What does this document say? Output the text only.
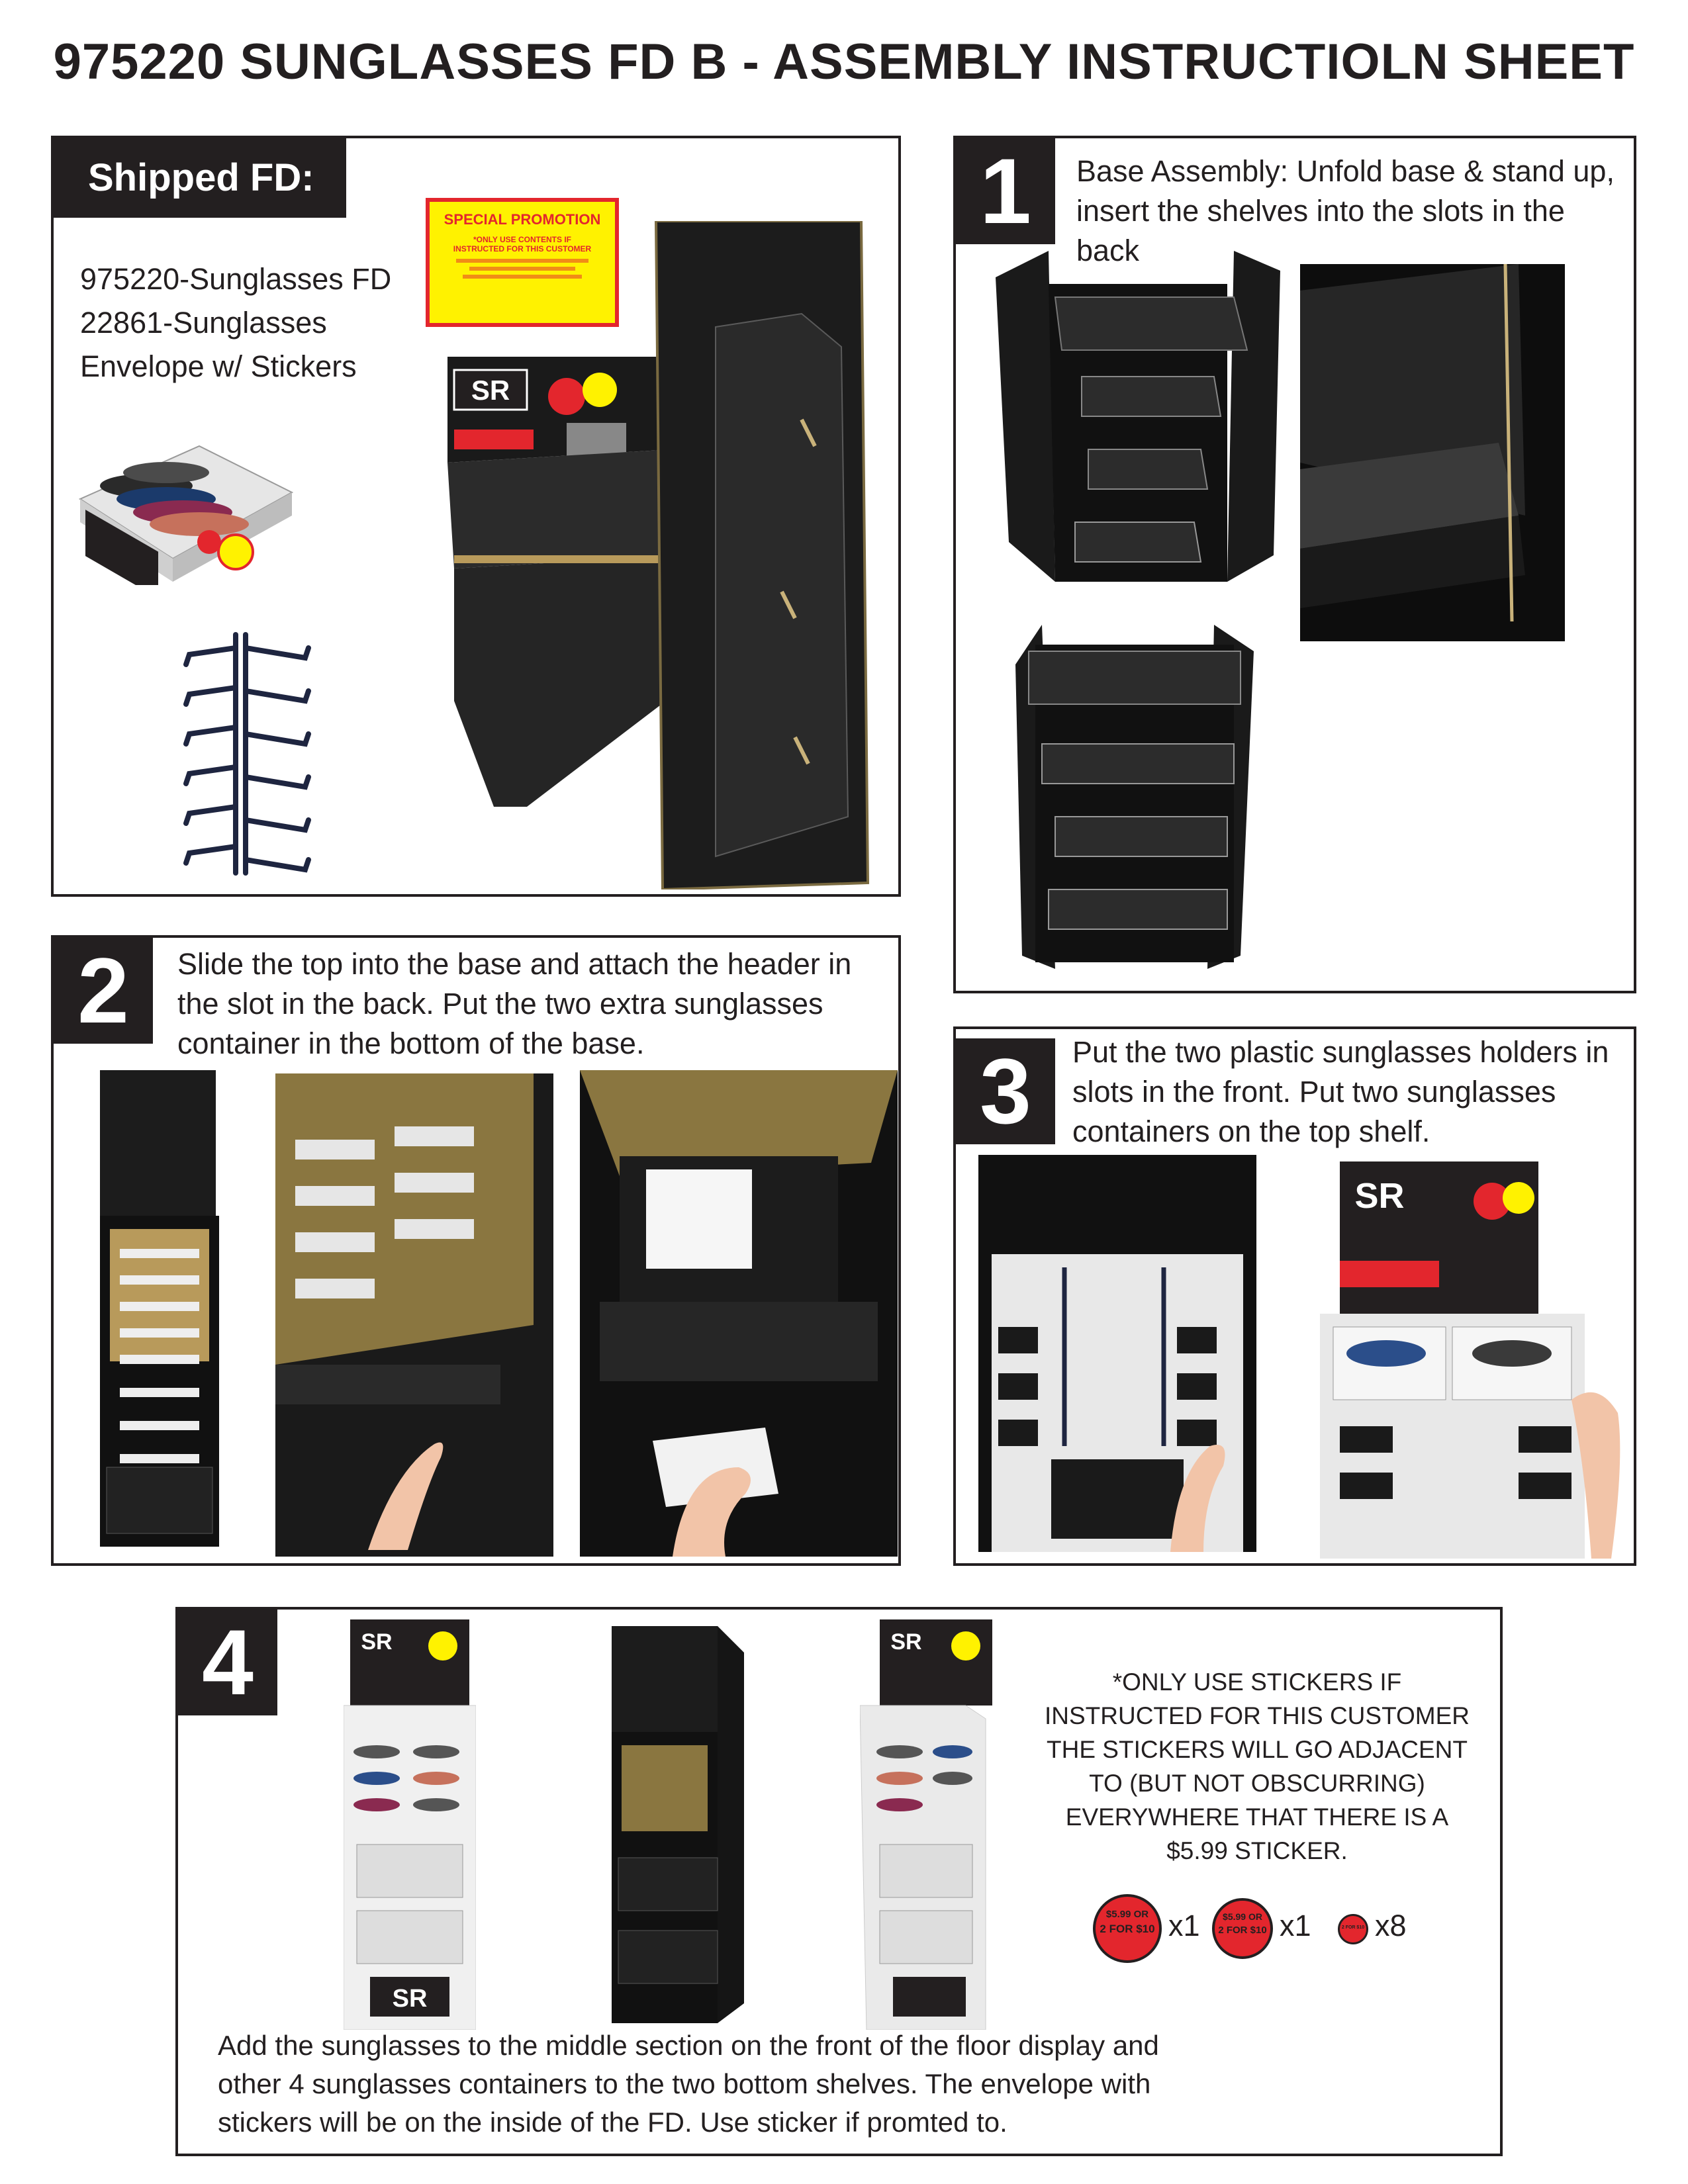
975220 SUNGLASSES FD B - ASSEMBLY INSTRUCTIOLN SHEET
Shipped FD:
975220-Sunglasses FD
22861-Sunglasses
Envelope w/ Stickers
SPECIAL PROMOTION
*ONLY USE CONTENTS IF
INSTRUCTED FOR THIS CUSTOMER
SR
1	Base Assembly: Unfold base & stand up, insert the shelves into the slots in the back
2	Slide the top into the base and attach the header in the slot in the back. Put the two extra sunglasses container in the bottom of the base.	3	Put the two plastic sunglasses holders in slots in the front. Put two sunglasses containers on the top shelf.
SR
4	SR
SR
SR
*ONLY USE STICKERS IF
INSTRUCTED FOR THIS CUSTOMER
THE STICKERS WILL GO ADJACENT
TO (BUT NOT OBSCURRING)
EVERYWHERE THAT THERE IS A
$5.99 STICKER.
$5.99 OR
2 FOR $10 x1	$5.99 OR
2 FOR $10 x1	2 FOR $10 x8
Add the sunglasses to the middle section on the front of the floor display and other 4 sunglasses containers to the two bottom shelves. The envelope with stickers will be on the inside of the FD. Use sticker if promted to.
